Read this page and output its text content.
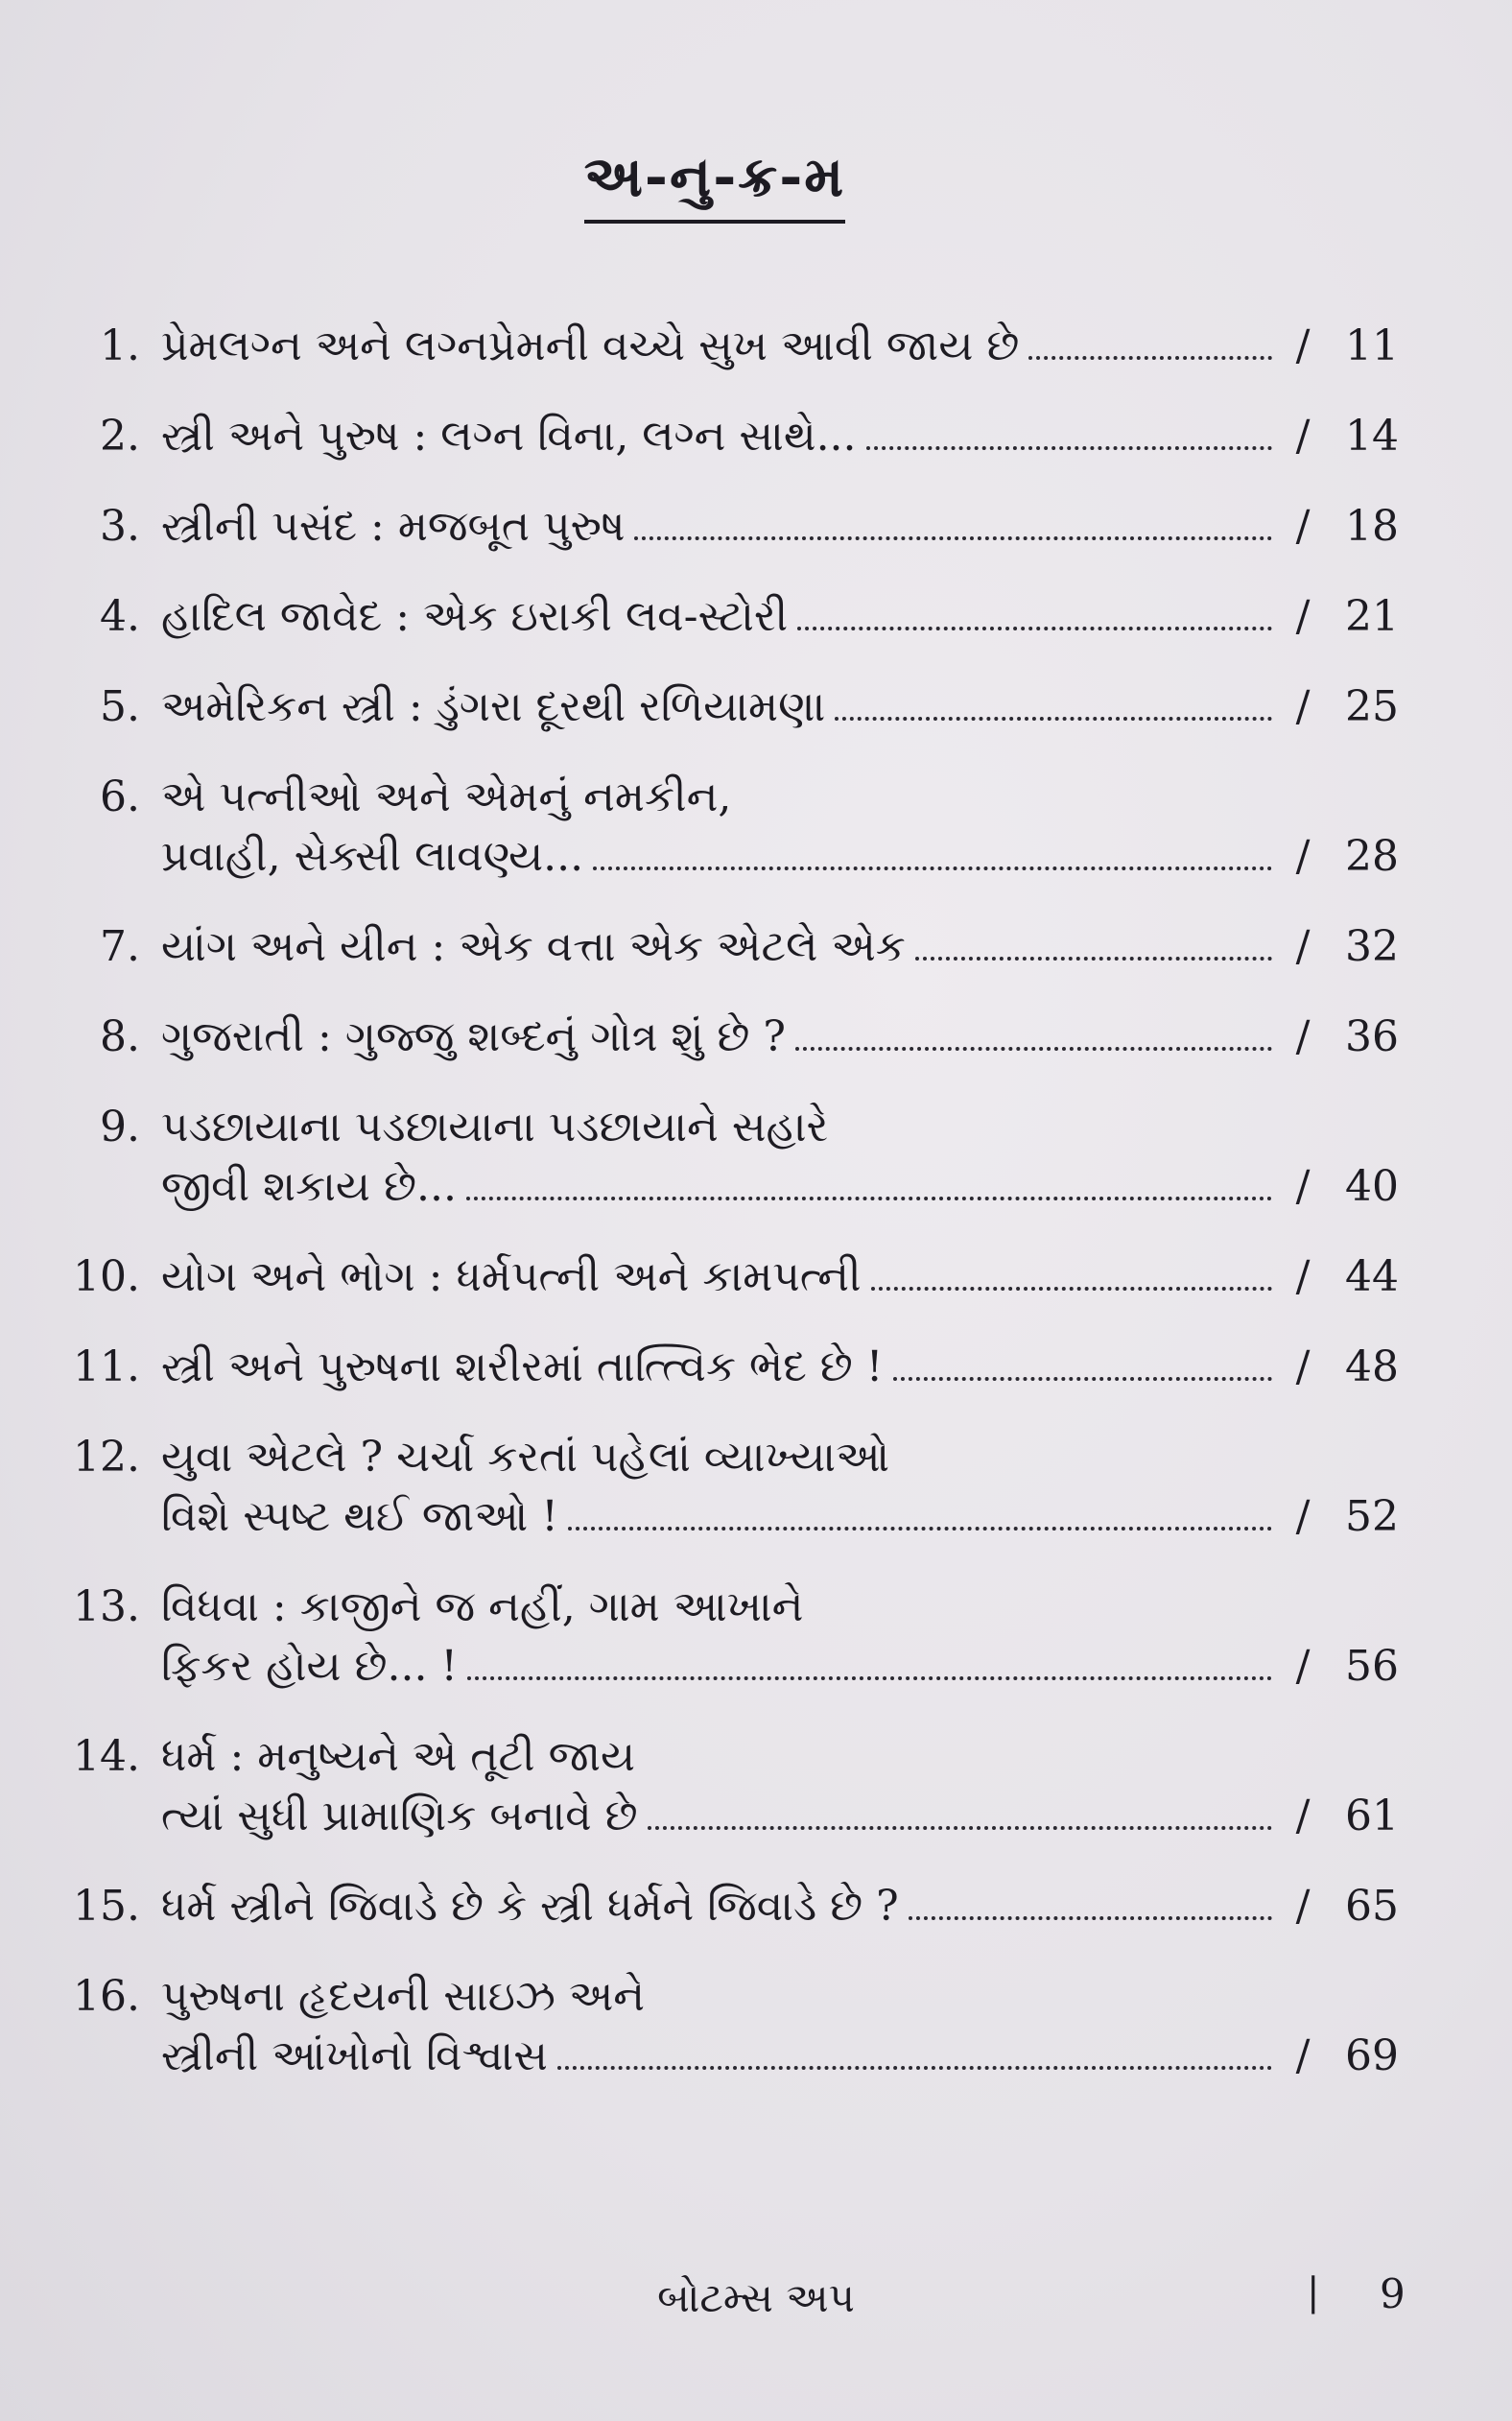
અ-નુ-ક્ર-મ
1. પ્રેમલગ્ન અને લગ્નપ્રેમની વચ્ચે સુખ આવી જાય છે	/ 11
2. સ્ત્રી અને પુરુષ : લગ્ન વિના, લગ્ન સાથે...	/ 14
3. સ્ત્રીની પસંદ : મજબૂત પુરુષ	/ 18
4. હાદિલ જાવેદ : એક ઇરાકી લવ-સ્ટોરી	/ 21
5. અમેરિકન સ્ત્રી : ડુંગરા દૂરથી રળિયામણા	/ 25
6. એ પત્નીઓ અને એમનું નમકીન,
પ્રવાહી, સેક્સી લાવણ્ય...	/ 28
7. યાંગ અને યીન : એક વત્તા એક એટલે એક	/ 32
8. ગુજરાતી : ગુજ્જુ શબ્દનું ગોત્ર શું છે ?	/ 36
9. પડછાયાના પડછાયાના પડછાયાને સહારે
જીવી શકાય છે...	/ 40
10. યોગ અને ભોગ : ધર્મપત્ની અને કામપત્ની	/ 44
11. સ્ત્રી અને પુરુષના શરીરમાં તાત્ત્વિક ભેદ છે !	/ 48
12. યુવા એટલે ? ચર્ચા કરતાં પહેલાં વ્યાખ્યાઓ
વિશે સ્પષ્ટ થઈ જાઓ !	/ 52
13. વિધવા : કાજીને જ નહીં, ગામ આખાને
ફિકર હોય છે... !	/ 56
14. ધર્મ : મનુષ્યને એ તૂટી જાય
ત્યાં સુધી પ્રામાણિક બનાવે છે	/ 61
15. ધર્મ સ્ત્રીને જિવાડે છે કે સ્ત્રી ધર્મને જિવાડે છે ?	/ 65
16. પુરુષના હૃદયની સાઇઝ અને
સ્ત્રીની આંખોનો વિશ્વાસ	/ 69
બોટમ્સ અપ	| 9
